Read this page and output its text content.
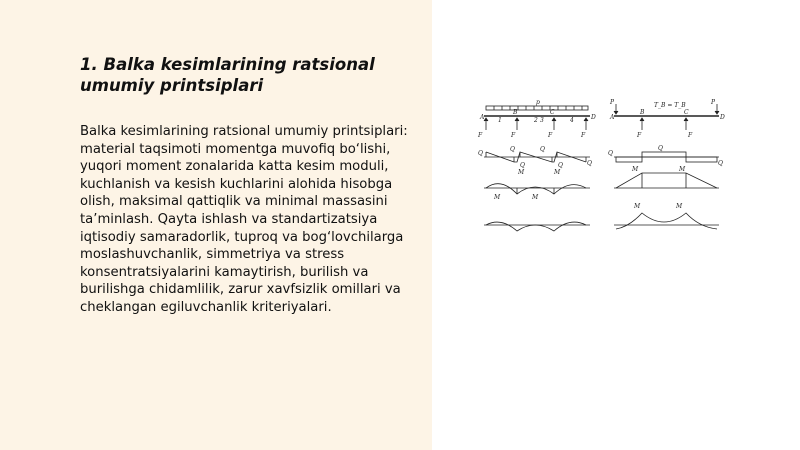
1. Balka kesimlarining ratsional umumiy printsiplari

Balka kesimlarining ratsional umumiy printsiplari: material taqsimoti momentga muvofiq bo‘lishi, yuqori moment zonalarida katta kesim moduli, kuchlanish va kesish kuchlarini alohida hisobga olish, maksimal qattiqlik va minimal massasini ta’minlash. Qayta ishlash va standartizatsiya iqtisodiy samaradorlik, tuproq va bog‘lovchilarga moslashuvchanlik, simmetriya va stress konsentratsiyalarini kamaytirish, burilish va burilishga chidamlilik, zarur xavfsizlik omillari va cheklangan egiluvchanlik kriteriyalari.

p
A
B	C
D
1	2 3	4
F	F	F	F
Q
Q
Q
Q
Q	Q
M	M
M	M
P	P
T_B = T_B
A
B	C
D
F	F
Q
Q
Q
M	M
M	M
